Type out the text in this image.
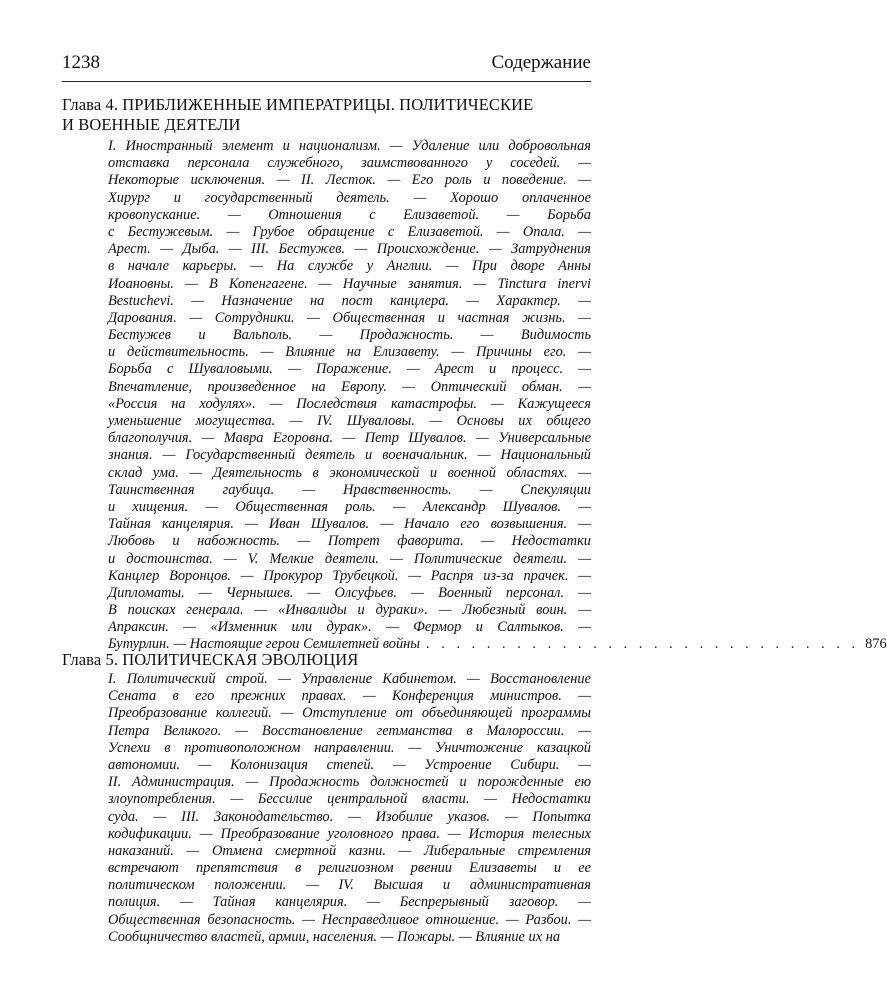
1238	Содержание
Глава 4. ПРИБЛИЖЕННЫЕ ИМПЕРАТРИЦЫ. ПОЛИТИЧЕСКИЕ
И ВОЕННЫЕ ДЕЯТЕЛИ
I. Иностранный элемент и национализм. — Удаление или добровольная
отставка персонала служебного, заимствованного у соседей. —
Некоторые исключения. — II. Лесток. — Его роль и поведение. —
Хирург и государственный деятель. — Хорошо оплаченное
кровопускание. — Отношения с Елизаветой. — Борьба
с Бестужевым. — Грубое обращение с Елизаветой. — Опала. —
Арест. — Дыба. — III. Бестужев. — Происхождение. — Затруднения
в начале карьеры. — На службе у Англии. — При дворе Анны
Иоановны. — В Копенгагене. — Научные занятия. — Tincturа inervi
Bestuchevi. — Назначение на пост канцлера. — Характер. —
Дарования. — Сотрудники. — Общественная и частная жизнь. —
Бестужев и Вальполь. — Продажность. — Видимость
и действительность. — Влияние на Елизавету. — Причины его. —
Борьба с Шуваловыми. — Поражение. — Арест и процесс. —
Впечатление, произведенное на Европу. — Оптический обман. —
«Россия на ходулях». — Последствия катастрофы. — Кажущееся
уменьшение могущества. — IV. Шуваловы. — Основы их общего
благополучия. — Мавра Егоровна. — Петр Шувалов. — Универсальные
знания. — Государственный деятель и военачальник. — Национальный
склад ума. — Деятельность в экономической и военной областях. —
Таинственная гаубица. — Нравственность. — Спекуляции
и хищения. — Общественная роль. — Александр Шувалов. —
Тайная канцелярия. — Иван Шувалов. — Начало его возвышения. —
Любовь и набожность. — Потрет фаворита. — Недостатки
и достоинства. — V. Мелкие деятели. — Политические деятели. —
Канцлер Воронцов. — Прокурор Трубецкой. — Распря из-за прачек. —
Дипломаты. — Чернышев. — Олсуфьев. — Военный персонал. —
В поисках генерала. — «Инвалиды и дураки». — Любезный воин. —
Апраксин. — «Изменник или дурак». — Фермор и Салтыков. —
Бутурлин. — Настоящие герои Семилетней войны . . . . . . . . . . . . . . . . . . . . . . . . . . . . . 876
Глава 5. ПОЛИТИЧЕСКАЯ ЭВОЛЮЦИЯ
I. Политический строй. — Управление Кабинетом. — Восстановление
Сената в его прежних правах. — Конференция министров. —
Преобразование коллегий. — Отступление от объединяющей программы
Петра Великого. — Восстановление гетманства в Малороссии. —
Успехи в противоположном направлении. — Уничтожение казацкой
автономии. — Колонизация степей. — Устроение Сибири. —
II. Администрация. — Продажность должностей и порожденные ею
злоупотребления. — Бессилие центральной власти. — Недостатки
суда. — III. Законодательство. — Изобилие указов. — Попытка
кодификации. — Преобразование уголовного права. — История телесных
наказаний. — Отмена смертной казни. — Либеральные стремления
встречают препятствия в религиозном рвении Елизаветы и ее
политическом положении. — IV. Высшая и административная
полиция. — Тайная канцелярия. — Беспрерывный заговор. —
Общественная безопасность. — Несправедливое отношение. — Разбои. —
Сообщничество властей, армии, населения. — Пожары. — Влияние их на
